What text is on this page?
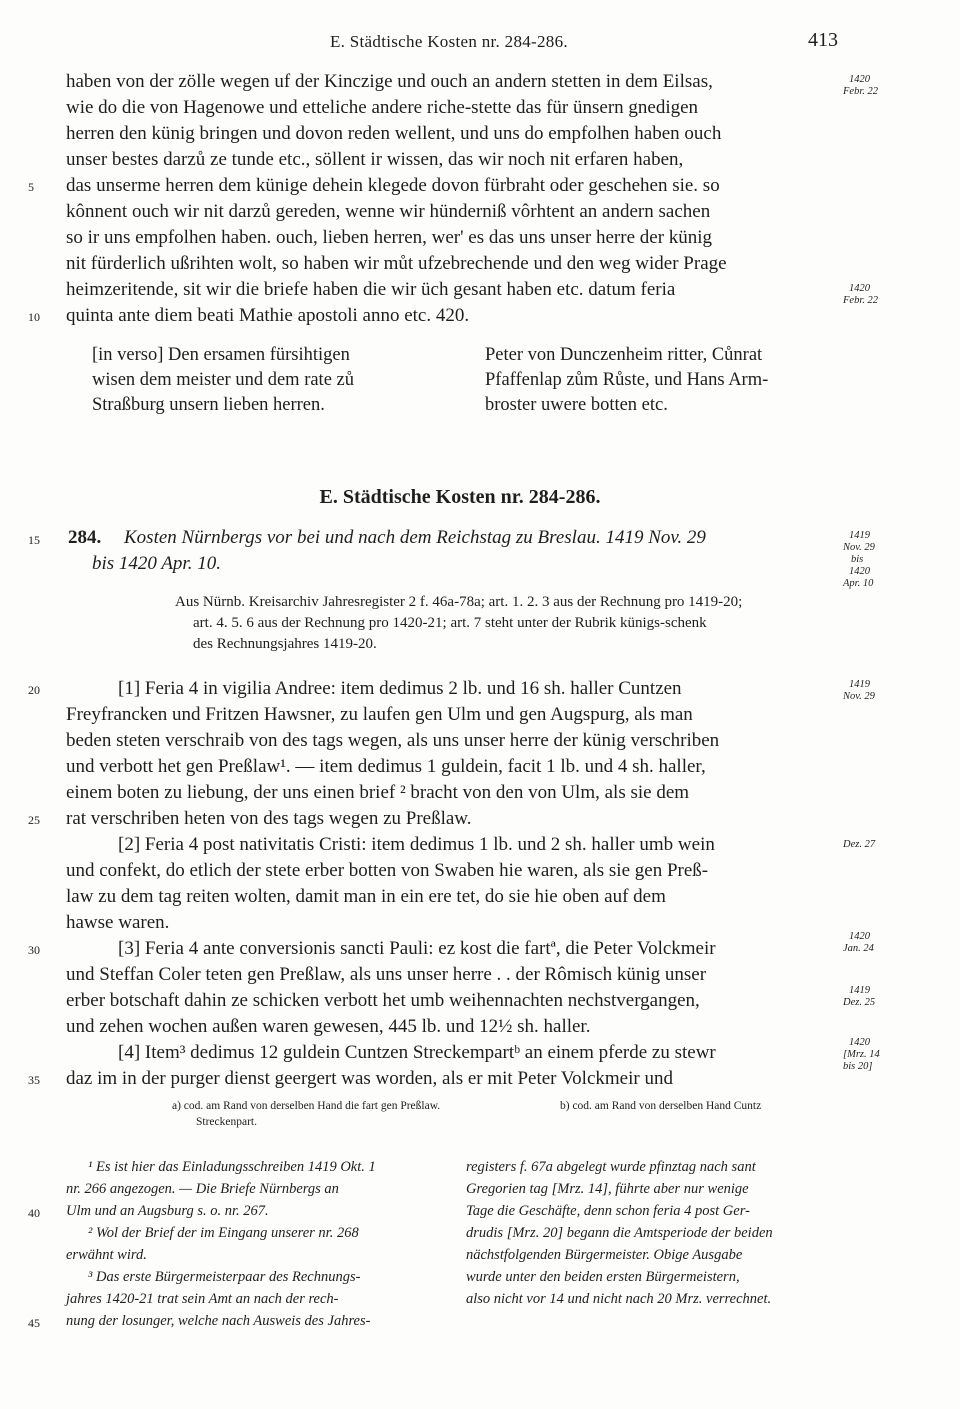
E. Städtische Kosten nr. 284-286.	413
haben von der zölle wegen uf der Kinczige und ouch an andern stetten in dem Eilsas,
wie do die von Hagenowe und etteliche andere riche-stette das für ünsern gnedigen
herren den künig bringen und dovon reden wellent, und uns do empfolhen haben ouch
unser bestes darzů ze tunde etc., söllent ir wissen, das wir noch nit erfaren haben,
das unserme herren dem künige dehein klegede dovon fürbraht oder geschehen sie. so
kônnent ouch wir nit darzů gereden, wenne wir hünderniß vôrhtent an andern sachen
so ir uns empfolhen haben. ouch, lieben herren, wer' es das uns unser herre der künig
nit fürderlich ußrihten wolt, so haben wir můt ufzebrechende und den weg wider Prage
heimzeritende, sit wir die briefe haben die wir üch gesant haben etc. datum feria
quinta ante diem beati Mathie apostoli anno etc. 420.
[in verso] Den ersamen fürsihtigen
wisen dem meister und dem rate zů
Straßburg unsern lieben herren.
Peter von Dunczenheim ritter, Cůnrat
Pfaffenlap zům Růste, und Hans Arm-
broster uwere botten etc.
E. Städtische Kosten nr. 284-286.
284. Kosten Nürnbergs vor bei und nach dem Reichstag zu Breslau. 1419 Nov. 29
bis 1420 Apr. 10.
Aus Nürnb. Kreisarchiv Jahresregister 2 f. 46a-78a; art. 1. 2. 3 aus der Rechnung pro 1419-20;
art. 4. 5. 6 aus der Rechnung pro 1420-21; art. 7 steht unter der Rubrik künigs-schenk
des Rechnungsjahres 1419-20.
[1] Feria 4 in vigilia Andree: item dedimus 2 lb. und 16 sh. haller Cuntzen
Freyfrancken und Fritzen Hawsner, zu laufen gen Ulm und gen Augspurg, als man
beden steten verschraib von des tags wegen, als uns unser herre der künig verschriben
und verbott het gen Preßlaw¹. — item dedimus 1 guldein, facit 1 lb. und 4 sh. haller,
einem boten zu liebung, der uns einen brief ² bracht von den von Ulm, als sie dem
rat verschriben heten von des tags wegen zu Preßlaw.
[2] Feria 4 post nativitatis Cristi: item dedimus 1 lb. und 2 sh. haller umb wein
und confekt, do etlich der stete erber botten von Swaben hie waren, als sie gen Preß-
law zu dem tag reiten wolten, damit man in ein ere tet, do sie hie oben auf dem
hawse waren.
[3] Feria 4 ante conversionis sancti Pauli: ez kost die fartª, die Peter Volckmeir
und Steffan Coler teten gen Preßlaw, als uns unser herre . . der Rômisch künig unser
erber botschaft dahin ze schicken verbott het umb weihennachten nechstvergangen,
und zehen wochen außen waren gewesen, 445 lb. und 12½ sh. haller.
[4] Item³ dedimus 12 guldein Cuntzen Streckempartᵇ an einem pferde zu stewr
daz im in der purger dienst geergert was worden, als er mit Peter Volckmeir und
a) cod. am Rand von derselben Hand die fart gen Preßlaw.
Streckenpart.
b) cod. am Rand von derselben Hand Cuntz
¹ Es ist hier das Einladungsschreiben 1419 Okt. 1
nr. 266 angezogen. — Die Briefe Nürnbergs an
Ulm und an Augsburg s. o. nr. 267.
² Wol der Brief der im Eingang unserer nr. 268
erwähnt wird.
³ Das erste Bürgermeisterpaar des Rechnungs-
jahres 1420-21 trat sein Amt an nach der rech-
nung der losunger, welche nach Ausweis des Jahres-
registers f. 67a abgelegt wurde pfinztag nach sant
Gregorien tag [Mrz. 14], führte aber nur wenige
Tage die Geschäfte, denn schon feria 4 post Ger-
drudis [Mrz. 20] begann die Amtsperiode der beiden
nächstfolgenden Bürgermeister. Obige Ausgabe
wurde unter den beiden ersten Bürgermeistern,
also nicht vor 14 und nicht nach 20 Mrz. verrechnet.
5
10
15
20
25
30
35
40
45
1420
Febr. 22
1420
Febr. 22
1419
Nov. 29
bis
1420
Apr. 10
1419
Nov. 29
Dez. 27
1420
Jan. 24
1419
Dez. 25
1420
[Mrz. 14
bis 20]
